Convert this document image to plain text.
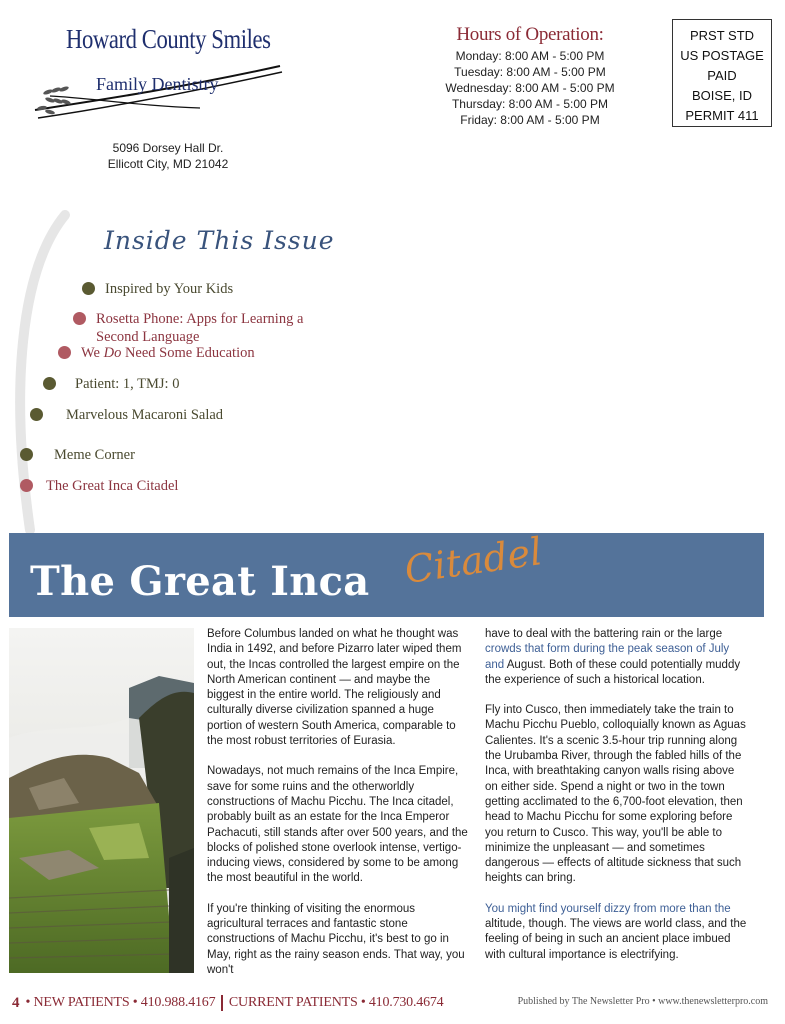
Howard County Smiles
Family Dentistry
5096 Dorsey Hall Dr.
Ellicott City, MD 21042
Hours of Operation:
Monday: 8:00 AM - 5:00 PM
Tuesday: 8:00 AM - 5:00 PM
Wednesday: 8:00 AM - 5:00 PM
Thursday: 8:00 AM - 5:00 PM
Friday: 8:00 AM - 5:00 PM
PRST STD
US POSTAGE
PAID
BOISE, ID
PERMIT 411
Inside This Issue
Inspired by Your Kids
Rosetta Phone: Apps for Learning a Second Language
We Do Need Some Education
Patient: 1, TMJ: 0
Marvelous Macaroni Salad
Meme Corner
The Great Inca Citadel
The Great Inca Citadel

Before Columbus landed on what he thought was India in 1492, and before Pizarro later wiped them out, the Incas controlled the largest empire on the North American continent — and maybe the biggest in the entire world. The religiously and culturally diverse civilization spanned a huge portion of western South America, comparable to the most robust territories of Eurasia.

Nowadays, not much remains of the Inca Empire, save for some ruins and the otherworldly constructions of Machu Picchu. The Inca citadel, probably built as an estate for the Inca Emperor Pachacuti, still stands after over 500 years, and the blocks of polished stone overlook intense, vertigo-inducing views, considered by some to be among the most beautiful in the world.

If you're thinking of visiting the enormous agricultural terraces and fantastic stone constructions of Machu Picchu, it's best to go in May, right as the rainy season ends. That way, you won't

have to deal with the battering rain or the large crowds that form during the peak season of July and August. Both of these could potentially muddy the experience of such a historical location.

Fly into Cusco, then immediately take the train to Machu Picchu Pueblo, colloquially known as Aguas Calientes. It's a scenic 3.5-hour trip running along the Urubamba River, through the fabled hills of the Inca, with breathtaking canyon walls rising above on either side. Spend a night or two in the town getting acclimated to the 6,700-foot elevation, then head to Machu Picchu for some exploring before you return to Cusco. This way, you'll be able to minimize the unpleasant — and sometimes dangerous — effects of altitude sickness that such heights can bring.

You might find yourself dizzy from more than the altitude, though. The views are world class, and the feeling of being in such an ancient place imbued with cultural importance is electrifying.

4 • NEW PATIENTS • 410.988.4167 CURRENT PATIENTS • 410.730.4674	Published by The Newsletter Pro • www.thenewsletterpro.com
